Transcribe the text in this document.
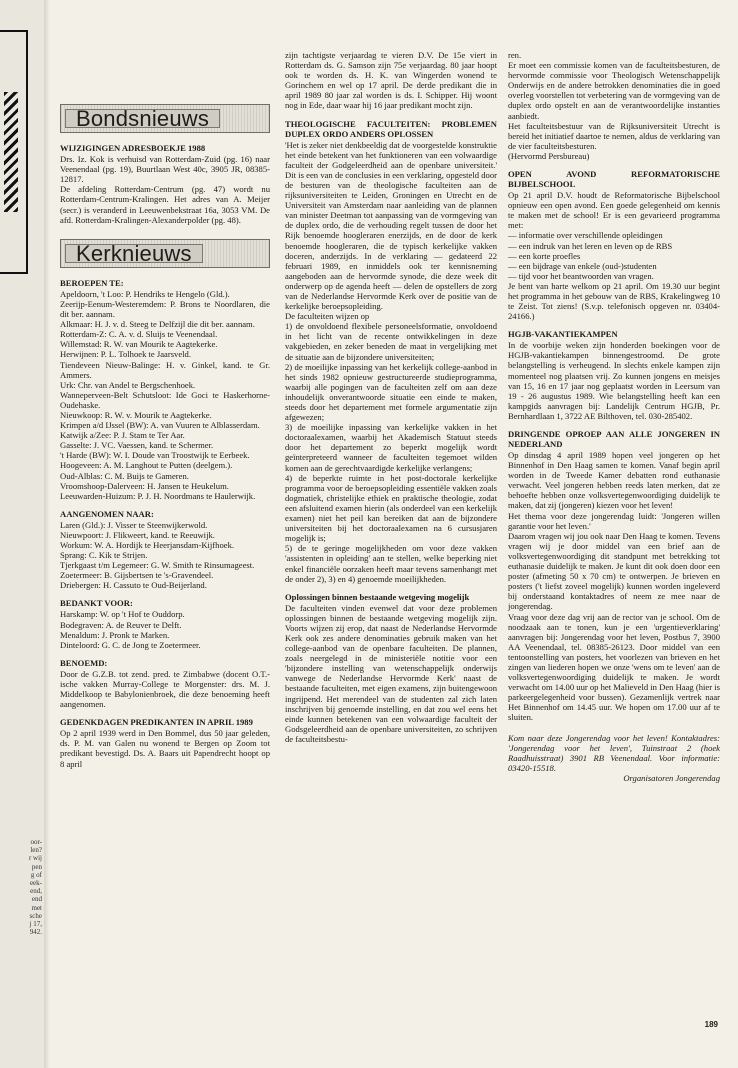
oor-
len?
r wij
pen
g of
eek-
end,
end
met
sche
j 17,
942.
Bondsnieuws
WIJZIGINGEN ADRESBOEKJE 1988

Drs. Iz. Kok is verhuisd van Rotterdam-Zuid (pg. 16) naar Veenendaal (pg. 19), Buurtlaan West 40c, 3905 JR, 08385-12817.

De afdeling Rotterdam-Centrum (pg. 47) wordt nu Rotterdam-Centrum-Kralingen. Het adres van A. Meijer (secr.) is veranderd in Leeuwenbekstraat 16a, 3053 VM. De afd. Rotterdam-Kralingen-Alexanderpolder (pg. 48).

Kerknieuws
BEROEPEN TE:

Apeldoorn, 't Loo: P. Hendriks te Hengelo (Gld.).

Zeerijp-Eenum-Westeremdem: P. Brons te Noordlaren, die dit ber. aannam.

Alkmaar: H. J. v. d. Steeg te Delfzijl die dit ber. aannam.

Rotterdam-Z: C. A. v. d. Sluijs te Veenendaal.

Willemstad: R. W. van Mourik te Aagtekerke.

Herwijnen: P. L. Tolhoek te Jaarsveld.

Tiendeveen Nieuw-Balinge: H. v. Ginkel, kand. te Gr. Ammers.

Urk: Chr. van Andel te Bergschenhoek.

Wanneperveen-Belt Schutsloot: Ide Goci te Haskerhorne-Oudehaske.

Nieuwkoop: R. W. v. Mourik te Aagtekerke.

Krimpen a/d IJssel (BW): A. van Vuuren te Alblasserdam.

Katwijk a/Zee: P. J. Stam te Ter Aar.

Gasselte: J. VC. Vaessen, kand. te Schermer.

't Harde (BW): W. I. Doude van Troostwijk te Eerbeek.

Hoogeveen: A. M. Langhout te Putten (deelgem.).

Oud-Alblas: C. M. Buijs te Gameren.

Vroomshoop-Dalerveen: H. Jansen te Heukelum.

Leeuwarden-Huizum: P. J. H. Noordmans te Haulerwijk.

AANGENOMEN NAAR:

Laren (Gld.): J. Visser te Steenwijkerwold.

Nieuwpoort: J. Flikweert, kand. te Reeuwijk.

Workum: W. A. Hordijk te Heerjansdam-Kijfhoek.

Sprang: C. Kik te Strijen.

Tjerkgaast t/m Legemeer: G. W. Smith te Rinsumageest.

Zoetermeer: B. Gijsbertsen te 's-Gravendeel.

Driebergen: H. Cassuto te Oud-Beijerland.

BEDANKT VOOR:

Harskamp: W. op 't Hof te Ouddorp.

Bodegraven: A. de Reuver te Delft.

Menaldum: J. Pronk te Marken.

Dinteloord: G. C. de Jong te Zoetermeer.

BENOEMD:

Door de G.Z.B. tot zend. pred. te Zimbabwe (docent O.T.-ische vakken Murray-College te Morgenster: drs. M. J. Middelkoop te Babylonienbroek, die deze benoeming heeft aangenomen.

GEDENKDAGEN PREDIKANTEN IN APRIL 1989

Op 2 april 1939 werd in Den Bommel, dus 50 jaar geleden, ds. P. M. van Galen nu wonend te Bergen op Zoom tot predikant bevestigd. Ds. A. Baars uit Papendrecht hoopt op 8 april

zijn tachtigste verjaardag te vieren D.V. De 15e viert in Rotterdam ds. G. Samson zijn 75e verjaardag. 80 jaar hoopt ook te worden ds. H. K. van Wingerden wonend te Gorinchem en wel op 17 april. De derde predikant die in april 1989 80 jaar zal worden is ds. I. Schipper. Hij woont nog in Ede, daar waar hij 16 jaar predikant mocht zijn.

THEOLOGISCHE FACULTEITEN: PROBLEMEN DUPLEX ORDO ANDERS OPLOSSEN

'Het is zeker niet denkbeeldig dat de voorgestelde konstruktie het einde betekent van het funktioneren van een volwaardige faculteit der Godgeleerdheid aan de openbare universiteit.' Dit is een van de conclusies in een verklaring, opgesteld door de besturen van de theologische faculteiten aan de rijksuniversiteiten te Leiden, Groningen en Utrecht en de Universiteit van Amsterdam naar aanleiding van de plannen van minister Deetman tot aanpassing van de vormgeving van de duplex ordo, die de verhouding regelt tussen de door het Rijk benoemde hoogleraren enerzijds, en de door de kerk benoemde hoogleraren, die de typisch kerkelijke vakken doceren, anderzijds. In de verklaring — gedateerd 22 februari 1989, en inmiddels ook ter kennisneming aangeboden aan de hervormde synode, die deze week dit onderwerp op de agenda heeft — delen de opstellers de zorg van de Nederlandse Hervormde Kerk over de positie van de kerkelijke beroepsopleiding.

De faculteiten wijzen op

1) de onvoldoend flexibele personeelsformatie, onvoldoend in het licht van de recente ontwikkelingen in deze vakgebieden, en zeker beneden de maat in vergelijking met de situatie aan de bijzondere universiteiten;

2) de moeilijke inpassing van het kerkelijk college-aanbod in het sinds 1982 opnieuw gestructureerde studieprogramma, waarbij alle pogingen van de faculteiten zelf om aan deze inhoudelijk onverantwoorde situatie een einde te maken, steeds door het departement met formele argumentatie zijn afgewezen;

3) de moeilijke inpassing van kerkelijke vakken in het doctoraalexamen, waarbij het Akademisch Statuut steeds door het departement zo beperkt mogelijk wordt geïnterpreteerd wanneer de faculteiten tegemoet wilden komen aan de gerechtvaardigde kerkelijke verlangens;

4) de beperkte ruimte in het post-doctorale kerkelijke programma voor de beroepsopleiding essentiële vakken zoals dogmatiek, christelijke ethiek en praktische theologie, zodat een afsluitend examen hierin (als onderdeel van een kerkelijk examen) niet het peil kan bereiken dat aan de bijzondere universiteiten bij het doctoraalexamen na 6 cursusjaren mogelijk is;

5) de te geringe mogelijkheden om voor deze vakken 'assistenten in opleiding' aan te stellen, welke beperking niet enkel financiële oorzaken heeft maar tevens samenhangt met de onder 2), 3) en 4) genoemde moeilijkheden.

Oplossingen binnen bestaande wetgeving mogelijk

De faculteiten vinden evenwel dat voor deze problemen oplossingen binnen de bestaande wetgeving mogelijk zijn. Voorts wijzen zij erop, dat naast de Nederlandse Hervormde Kerk ook zes andere denominaties gebruik maken van het college-aanbod van de openbare faculteiten. De plannen, zoals neergelegd in de ministeriële notitie voor een 'bijzondere instelling van wetenschappelijk onderwijs vanwege de Nederlandse Hervormde Kerk' naast de bestaande faculteiten, met eigen examens, zijn buitengewoon ingrijpend. Het merendeel van de studenten zal zich laten inschrijven bij genoemde instelling, en dat zou wel eens het einde kunnen betekenen van een volwaardige faculteit der Godsgeleerdheid aan de openbare universiteiten, zo schrijven de faculteitsbestu-

ren.

Er moet een commissie komen van de faculteitsbesturen, de hervormde commissie voor Theologisch Wetenschappelijk Onderwijs en de andere betrokken denominaties die in goed overleg voorstellen tot verbetering van de vormgeving van de duplex ordo opstelt en aan de verantwoordelijke instanties aanbiedt.

Het faculteitsbestuur van de Rijksuniversiteit Utrecht is bereid het initiatief daartoe te nemen, aldus de verklaring van de vier faculteitsbesturen.

(Hervormd Persbureau)

OPEN AVOND REFORMATORISCHE BIJBELSCHOOL

Op 21 april D.V. houdt de Reformatorische Bijbelschool opnieuw een open avond. Een goede gelegenheid om kennis te maken met de school! Er is een gevarieerd programma met:

— informatie over verschillende opleidingen

— een indruk van het leren en leven op de RBS

— een korte proefles

— een bijdrage van enkele (oud-)studenten

— tijd voor het beantwoorden van vragen.

Je bent van harte welkom op 21 april. Om 19.30 uur begint het programma in het gebouw van de RBS, Krakelingweg 10 te Zeist. Tot ziens! (S.v.p. telefonisch opgeven nr. 03404-24166.)

HGJB-VAKANTIEKAMPEN

In de voorbije weken zijn honderden boekingen voor de HGJB-vakantiekampen binnengestroomd. De grote belangstelling is verheugend. In slechts enkele kampen zijn momenteel nog plaatsen vrij. Zo kunnen jongens en meisjes van 15, 16 en 17 jaar nog geplaatst worden in Leersum van 19 - 26 augustus 1989. Wie belangstelling heeft kan een kampgids aanvragen bij: Landelijk Centrum HGJB, Pr. Bernhardlaan 1, 3722 AE Bilthoven, tel. 030-285402.

DRINGENDE OPROEP AAN ALLE JONGEREN IN NEDERLAND

Op dinsdag 4 april 1989 hopen veel jongeren op het Binnenhof in Den Haag samen te komen. Vanaf begin april worden in de Tweede Kamer debatten rond euthanasie verwacht. Veel jongeren hebben reeds laten merken, dat ze behoefte hebben onze volksvertegenwoordiging duidelijk te maken, dat zij (jongeren) kiezen voor het leven!

Het thema voor deze jongerendag luidt: 'Jongeren willen garantie voor het leven.'

Daarom vragen wij jou ook naar Den Haag te komen. Tevens vragen wij je door middel van een brief aan de volksvertegenwoordiging dit standpunt met betrekking tot euthanasie duidelijk te maken. Je kunt dit ook doen door een poster (afmeting 50 x 70 cm) te ontwerpen. Je brieven en posters ('t liefst zoveel mogelijk) kunnen worden ingeleverd bij onderstaand kontaktadres of neem ze mee naar de jongerendag.

Vraag voor deze dag vrij aan de rector van je school. Om de noodzaak aan te tonen, kun je een 'urgentieverklaring' aanvragen bij: Jongerendag voor het leven, Postbus 7, 3900 AA Veenendaal, tel. 08385-26123. Door middel van een tentoonstelling van posters, het voorlezen van brieven en het zingen van liederen hopen we onze 'wens om te leven' aan de volksvertegenwoordiging duidelijk te maken. Je wordt verwacht om 14.00 uur op het Malieveld in Den Haag (hier is parkeergelegenheid voor bussen). Gezamenlijk vertrek naar Het Binnenhof om 14.45 uur. We hopen om 17.00 uur af te sluiten.

Kom naar deze Jongerendag voor het leven! Kontaktadres: 'Jongerendag voor het leven', Tuinstraat 2 (hoek Raadhuisstraat) 3901 RB Veenendaal. Voor informatie: 03420-15518.

Organisatoren Jongerendag

189
